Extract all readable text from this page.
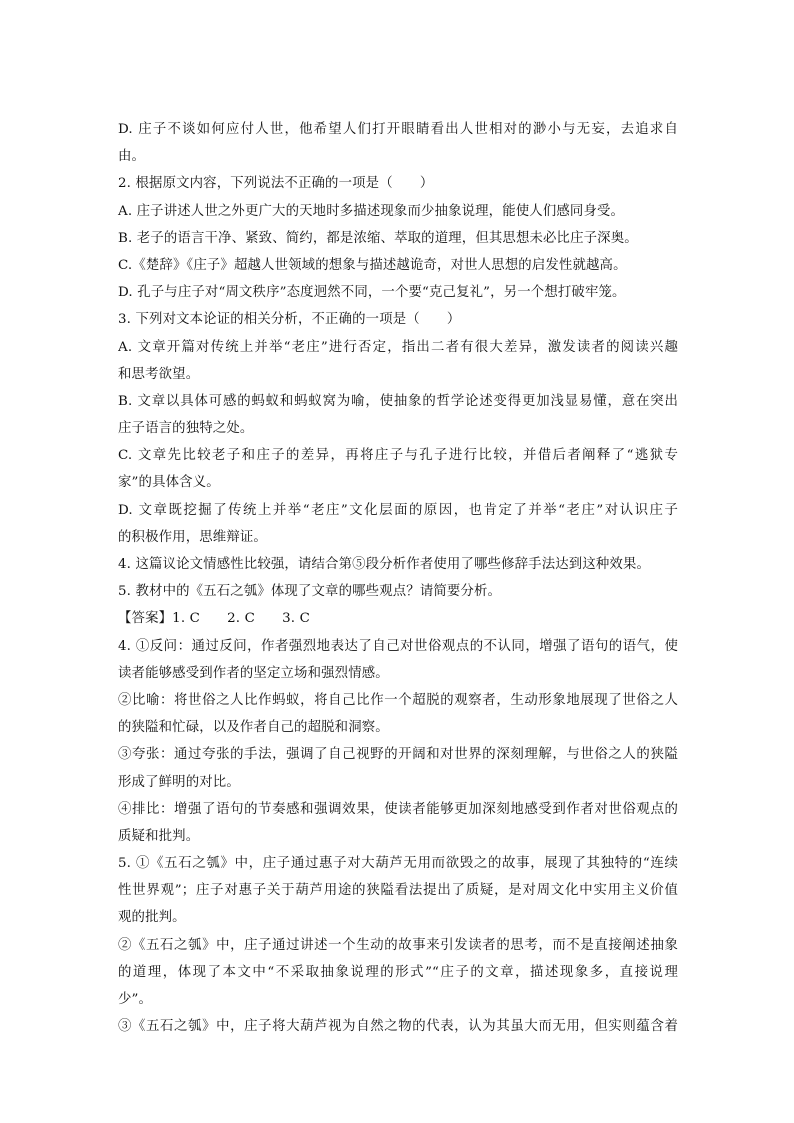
D. 庄子不谈如何应付人世，他希望人们打开眼睛看出人世相对的渺小与无妄，去追求自
由。
2. 根据原文内容，下列说法不正确的一项是（　　）
A. 庄子讲述人世之外更广大的天地时多描述现象而少抽象说理，能使人们感同身受。
B. 老子的语言干净、紧致、简约，都是浓缩、萃取的道理，但其思想未必比庄子深奥。
C.《楚辞》《庄子》超越人世领域的想象与描述越诡奇，对世人思想的启发性就越高。
D. 孔子与庄子对“周文秩序”态度迥然不同，一个要“克己复礼”，另一个想打破牢笼。
3. 下列对文本论证的相关分析，不正确的一项是（　　）
A. 文章开篇对传统上并举“老庄”进行否定，指出二者有很大差异，激发读者的阅读兴趣
和思考欲望。
B. 文章以具体可感的蚂蚁和蚂蚁窝为喻，使抽象的哲学论述变得更加浅显易懂，意在突出
庄子语言的独特之处。
C. 文章先比较老子和庄子的差异，再将庄子与孔子进行比较，并借后者阐释了“逃狱专
家”的具体含义。
D. 文章既挖掘了传统上并举“老庄”文化层面的原因，也肯定了并举“老庄”对认识庄子
的积极作用，思维辩证。
4. 这篇议论文情感性比较强，请结合第⑤段分析作者使用了哪些修辞手法达到这种效果。
5. 教材中的《五石之瓠》体现了文章的哪些观点？请简要分析。
【答案】1. C　　2. C　　3. C
4. ①反问：通过反问，作者强烈地表达了自己对世俗观点的不认同，增强了语句的语气，使
读者能够感受到作者的坚定立场和强烈情感。
②比喻：将世俗之人比作蚂蚁，将自己比作一个超脱的观察者，生动形象地展现了世俗之人
的狭隘和忙碌，以及作者自己的超脱和洞察。
③夸张：通过夸张的手法，强调了自己视野的开阔和对世界的深刻理解，与世俗之人的狭隘
形成了鲜明的对比。
④排比：增强了语句的节奏感和强调效果，使读者能够更加深刻地感受到作者对世俗观点的
质疑和批判。
5. ①《五石之瓠》中，庄子通过惠子对大葫芦无用而欲毁之的故事，展现了其独特的“连续
性世界观”；庄子对惠子关于葫芦用途的狭隘看法提出了质疑，是对周文化中实用主义价值
观的批判。
②《五石之瓠》中，庄子通过讲述一个生动的故事来引发读者的思考，而不是直接阐述抽象
的道理，体现了本文中“不采取抽象说理的形式”“庄子的文章，描述现象多，直接说理
少”。
③《五石之瓠》中，庄子将大葫芦视为自然之物的代表，认为其虽大而无用，但实则蕴含着
